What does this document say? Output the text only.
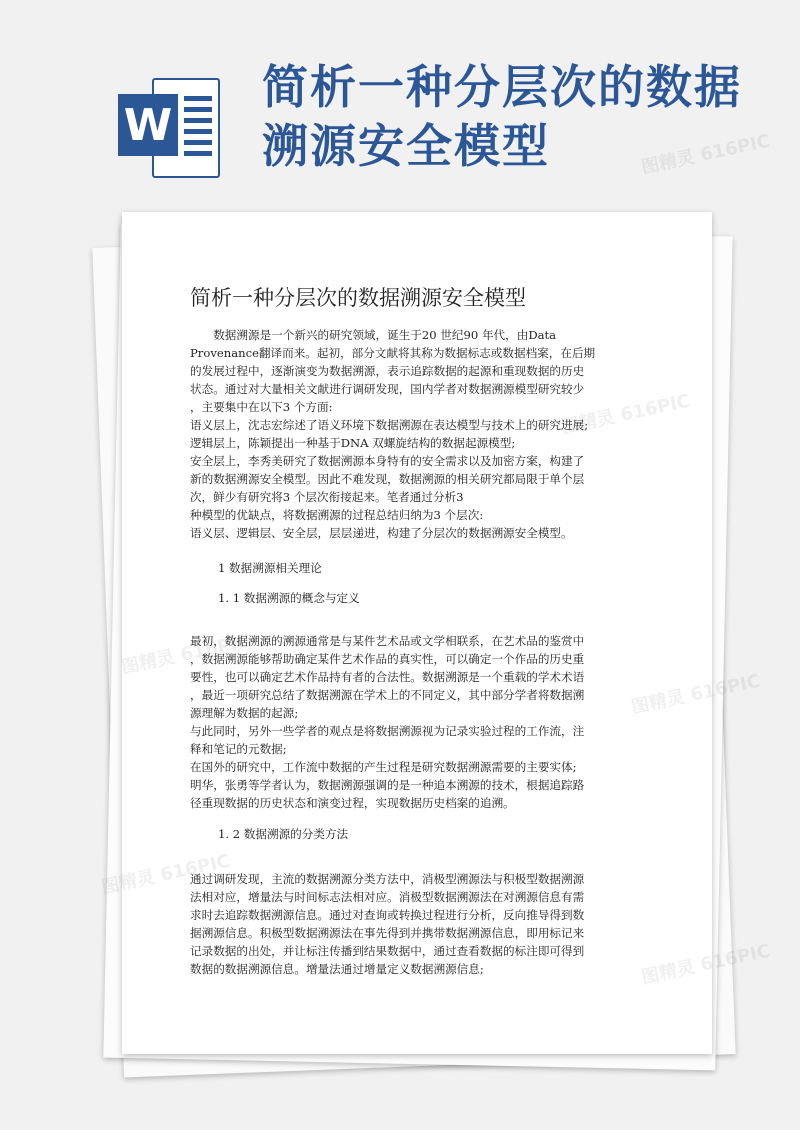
W
简析一种分层次的数据溯源安全模型	图精灵 616PIC
图精灵 616PIC
图精灵 616PIC
图精灵 616PIC
图精灵 616PIC
图精灵 616PIC
简析一种分层次的数据溯源安全模型

　　数据溯源是一个新兴的研究领域，诞生于20 世纪90 年代，由Data

Provenance翻译而来。起初，部分文献将其称为数据标志或数据档案，在后期

的发展过程中，逐渐演变为数据溯源，表示追踪数据的起源和重现数据的历史

状态。通过对大量相关文献进行调研发现，国内学者对数据溯源模型研究较少

，主要集中在以下3 个方面:

语义层上，沈志宏综述了语义环境下数据溯源在表达模型与技术上的研究进展;

逻辑层上，陈颖提出一种基于DNA 双螺旋结构的数据起源模型;

安全层上，李秀美研究了数据溯源本身特有的安全需求以及加密方案，构建了

新的数据溯源安全模型。因此不难发现，数据溯源的相关研究都局限于单个层

次，鲜少有研究将3 个层次衔接起来。笔者通过分析3

种模型的优缺点，将数据溯源的过程总结归纳为3 个层次:

语义层、逻辑层、安全层，层层递进，构建了分层次的数据溯源安全模型。

1 数据溯源相关理论
1. 1 数据溯源的概念与定义

最初，数据溯源的溯源通常是与某件艺术品或文学相联系，在艺术品的鉴赏中

，数据溯源能够帮助确定某件艺术作品的真实性，可以确定一个作品的历史重

要性，也可以确定艺术作品持有者的合法性。数据溯源是一个重载的学术术语

，最近一项研究总结了数据溯源在学术上的不同定义，其中部分学者将数据溯

源理解为数据的起源;

与此同时，另外一些学者的观点是将数据溯源视为记录实验过程的工作流，注

释和笔记的元数据;

在国外的研究中，工作流中数据的产生过程是研究数据溯源需要的主要实体;

明华，张勇等学者认为，数据溯源强调的是一种追本溯源的技术，根据追踪路

径重现数据的历史状态和演变过程，实现数据历史档案的追溯。

1. 2 数据溯源的分类方法

通过调研发现，主流的数据溯源分类方法中，消极型溯源法与积极型数据溯源

法相对应，增量法与时间标志法相对应。消极型数据溯源法在对溯源信息有需

求时去追踪数据溯源信息。通过对查询或转换过程进行分析，反向推导得到数

据溯源信息。积极型数据溯源法在事先得到并携带数据溯源信息，即用标记来

记录数据的出处，并让标注传播到结果数据中，通过查看数据的标注即可得到

数据的数据溯源信息。增量法通过增量定义数据溯源信息;
